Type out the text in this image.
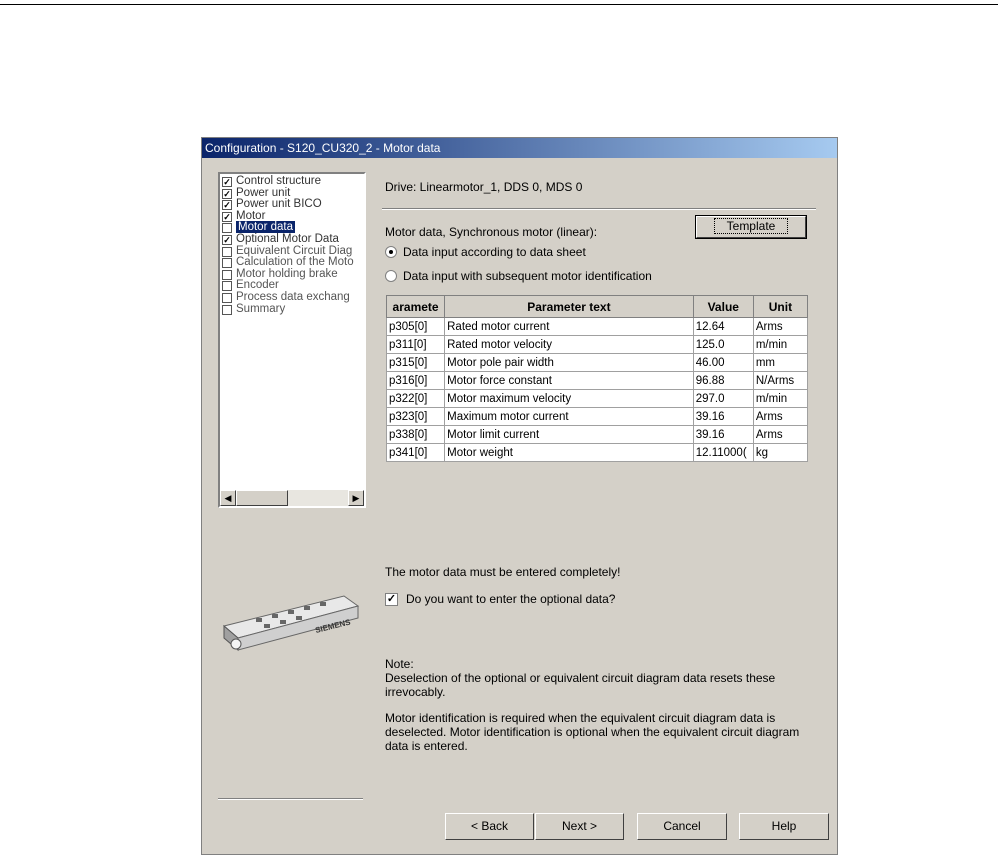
Configuration - S120_CU320_2 - Motor data
✓ Control structure
✓ Power unit
✓ Power unit BICO
✓ Motor
Motor data
✓ Optional Motor Data
Equivalent Circuit Diag
Calculation of the Moto
Motor holding brake
Encoder
Process data exchang
Summary
◀	▶
SIEMENS
Drive: Linearmotor_1, DDS 0, MDS 0
Motor data, Synchronous motor (linear):	Template
Data input according to data sheet
Data input with subsequent motor identification
aramete	Parameter text	Value	Unit
p305[0]	Rated motor current	12.64	Arms
p311[0]	Rated motor velocity	125.0	m/min
p315[0]	Motor pole pair width	46.00	mm
p316[0]	Motor force constant	96.88	N/Arms
p322[0]	Motor maximum velocity	297.0	m/min
p323[0]	Maximum motor current	39.16	Arms
p338[0]	Motor limit current	39.16	Arms
p341[0]	Motor weight	12.11000(	kg
The motor data must be entered completely!
✓ Do you want to enter the optional data?
Note:

Deselection of the optional or equivalent circuit diagram data resets these irrevocably.

Motor identification is required when the equivalent circuit diagram data is deselected. Motor identification is optional when the equivalent circuit diagram data is entered.

< Back	Next >	Cancel	Help
